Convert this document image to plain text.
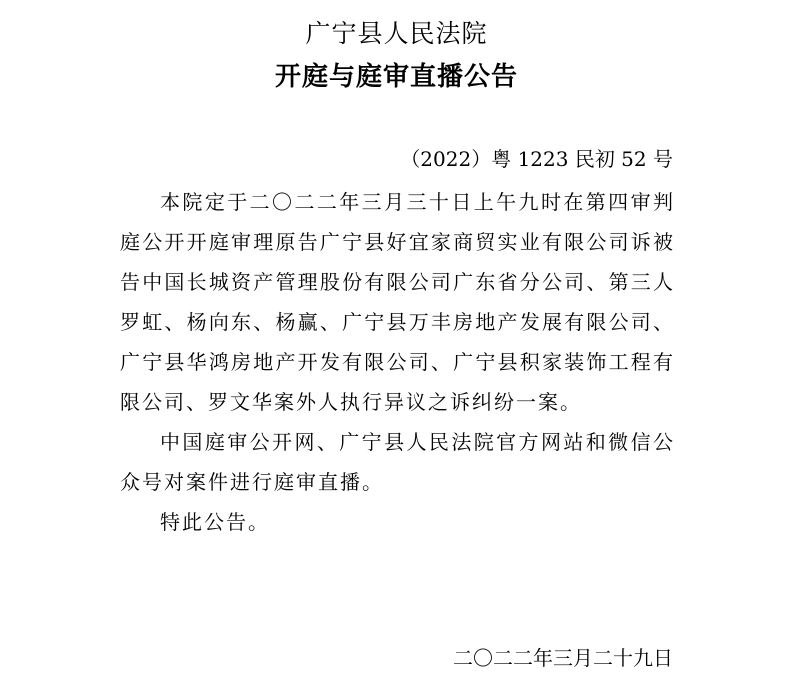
广宁县人民法院
开庭与庭审直播公告
（2022）粤 1223 民初 52 号

本院定于二〇二二年三月三十日上午九时在第四审判庭公开开庭审理原告广宁县好宜家商贸实业有限公司诉被告中国长城资产管理股份有限公司广东省分公司、第三人罗虹、杨向东、杨赢、广宁县万丰房地产发展有限公司、广宁县华鸿房地产开发有限公司、广宁县积家装饰工程有限公司、罗文华案外人执行异议之诉纠纷一案。

中国庭审公开网、广宁县人民法院官方网站和微信公众号对案件进行庭审直播。

特此公告。

二〇二二年三月二十九日
